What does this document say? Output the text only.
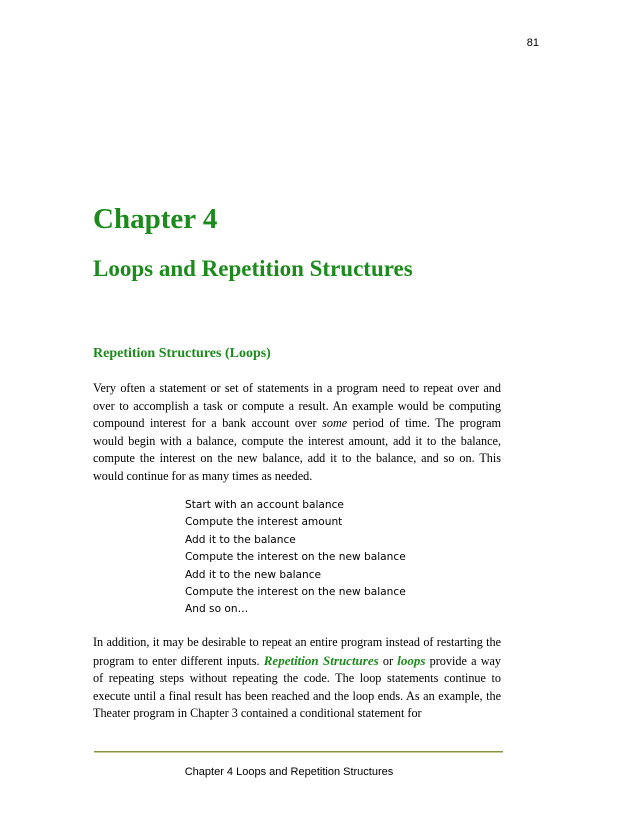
81
Chapter 4
Loops and Repetition Structures
Repetition Structures (Loops)

Very often a statement or set of statements in a program need to repeat over and over to accomplish a task or compute a result. An example would be computing compound interest for a bank account over some period of time. The program would begin with a balance, compute the interest amount, add it to the balance, compute the interest on the new balance, add it to the balance, and so on. This would continue for as many times as needed.

Start with an account balance
Compute the interest amount
Add it to the balance
Compute the interest on the new balance
Add it to the new balance
Compute the interest on the new balance
And so on…

In addition, it may be desirable to repeat an entire program instead of restarting the program to enter different inputs. Repetition Structures or loops provide a way of repeating steps without repeating the code. The loop statements continue to execute until a final result has been reached and the loop ends. As an example, the Theater program in Chapter 3 contained a conditional statement for

Chapter 4 Loops and Repetition Structures
